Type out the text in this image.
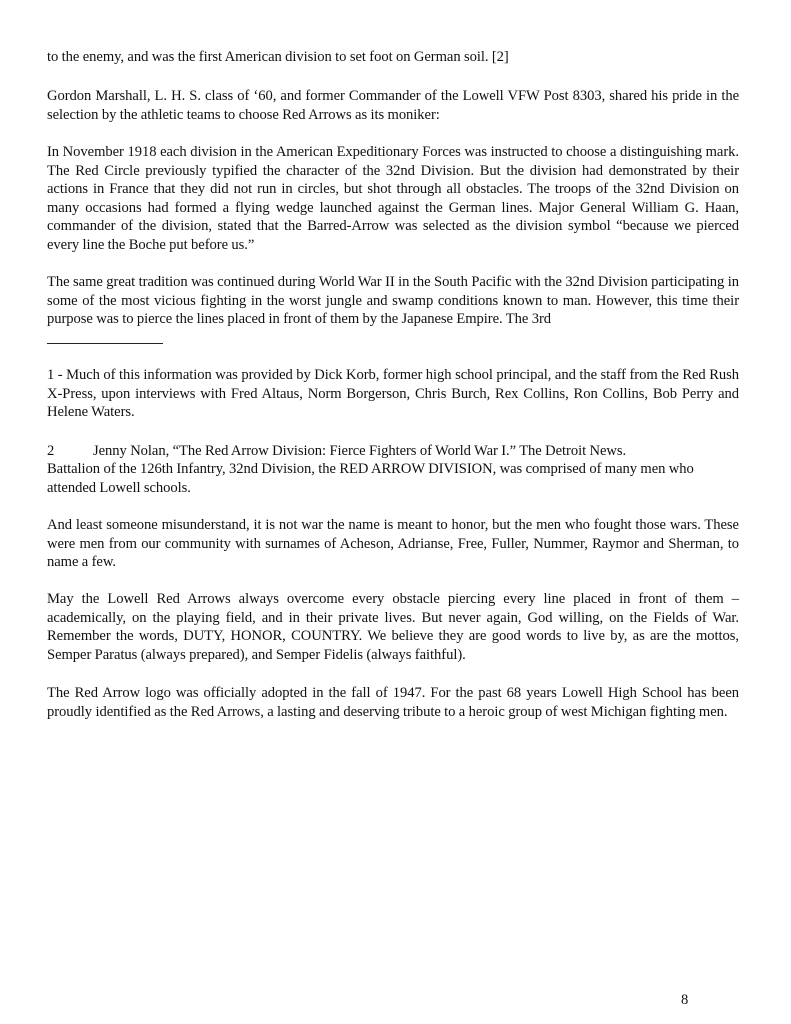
to the enemy, and was the first American division to set foot on German soil. [2]

Gordon Marshall, L. H. S. class of ‘60, and former Commander of the Lowell VFW Post 8303, shared his pride in the selection by the athletic teams to choose Red Arrows as its moniker:

In November 1918 each division in the American Expeditionary Forces was instructed to choose a distinguishing mark. The Red Circle previously typified the character of the 32nd Division. But the division had demonstrated by their actions in France that they did not run in circles, but shot through all obstacles. The troops of the 32nd Division on many occasions had formed a flying wedge launched against the German lines. Major General William G. Haan, commander of the division, stated that the Barred-Arrow was selected as the division symbol “because we pierced every line the Boche put before us.”

The same great tradition was continued during World War II in the South Pacific with the 32nd Division participating in some of the most vicious fighting in the worst jungle and swamp conditions known to man. However, this time their purpose was to pierce the lines placed in front of them by the Japanese Empire. The 3rd

1 - Much of this information was provided by Dick Korb, former high school principal, and the staff from the Red Rush X-Press, upon interviews with Fred Altaus, Norm Borgerson, Chris Burch, Rex Collins, Ron Collins, Bob Perry and Helene Waters.

2	Jenny Nolan, “The Red Arrow Division: Fierce Fighters of World War I.” The Detroit News.

Battalion of the 126th Infantry, 32nd Division, the RED ARROW DIVISION, was comprised of many men who attended Lowell schools.

And least someone misunderstand, it is not war the name is meant to honor, but the men who fought those wars. These were men from our community with surnames of Acheson, Adrianse, Free, Fuller, Nummer, Raymor and Sherman, to name a few.

May the Lowell Red Arrows always overcome every obstacle piercing every line placed in front of them – academically, on the playing field, and in their private lives. But never again, God willing, on the Fields of War. Remember the words, DUTY, HONOR, COUNTRY. We believe they are good words to live by, as are the mottos, Semper Paratus (always prepared), and Semper Fidelis (always faithful).

The Red Arrow logo was officially adopted in the fall of 1947. For the past 68 years Lowell High School has been proudly identified as the Red Arrows, a lasting and deserving tribute to a heroic group of west Michigan fighting men.

8
